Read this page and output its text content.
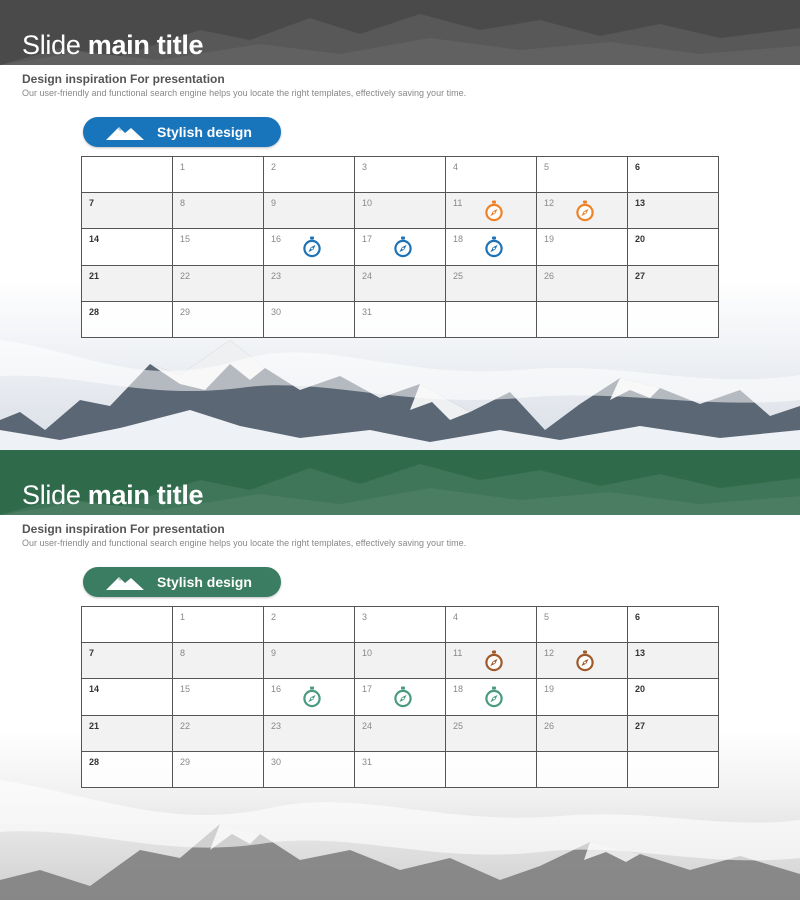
Slide main title
Design inspiration For presentation
Our user-friendly and functional search engine helps you locate the right templates, effectively saving your time.
Stylish design

	1	2	3	4	5	6

7	8	9	10	11	12	13

14	15	16	17	18	19	20

21	22	23	24	25	26	27

28	29	30	31			

Slide main title
Design inspiration For presentation
Our user-friendly and functional search engine helps you locate the right templates, effectively saving your time.
Stylish design

	1	2	3	4	5	6

7	8	9	10	11	12	13

14	15	16	17	18	19	20

21	22	23	24	25	26	27

28	29	30	31			
